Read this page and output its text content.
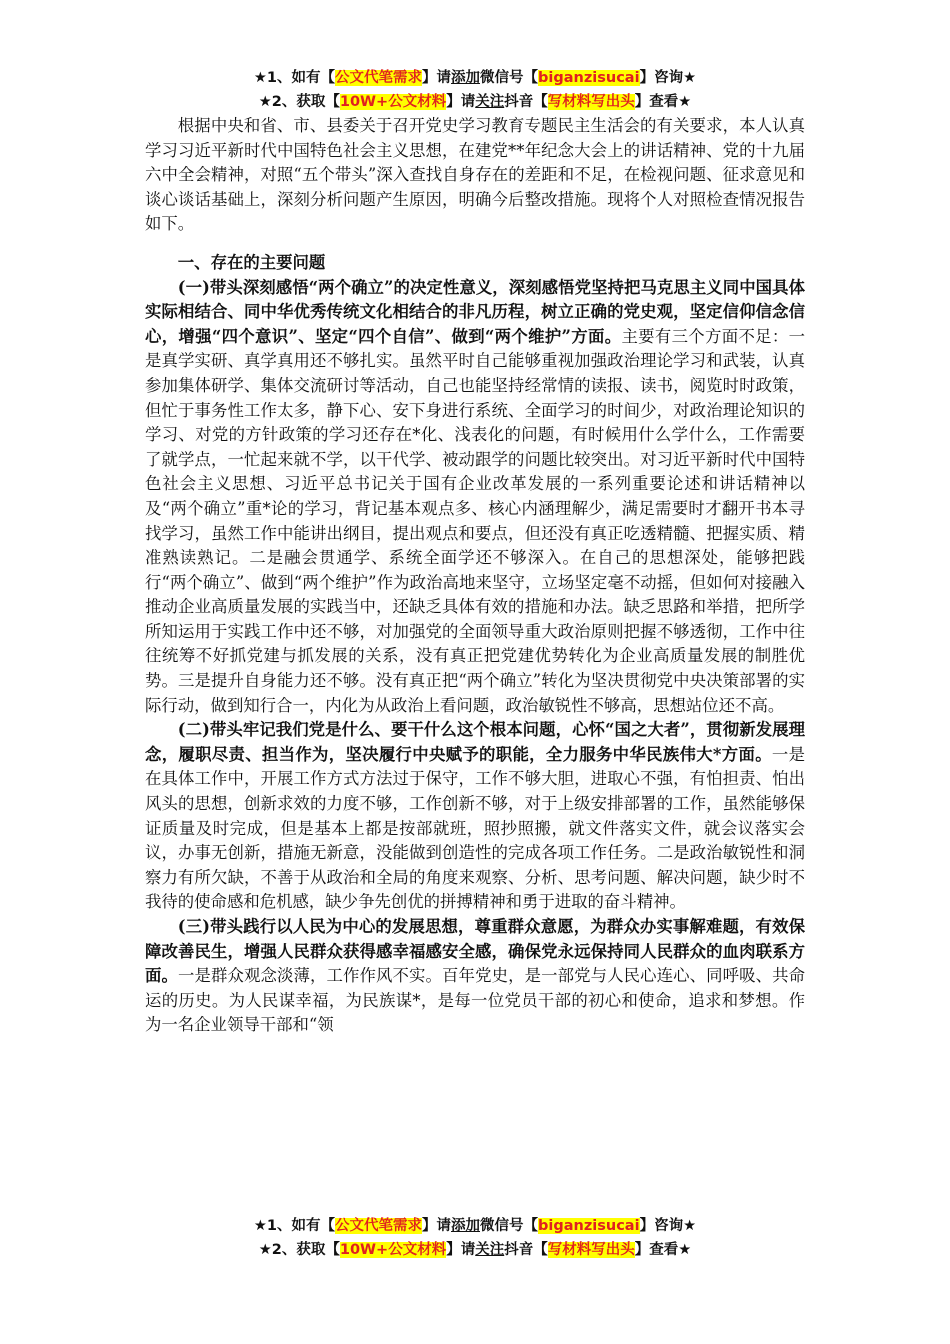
★1、如有【公文代笔需求】请添加微信号【biganzisucai】咨询★
★2、获取【10W+公文材料】请关注抖音【写材料写出头】查看★

根据中央和省、市、县委关于召开党史学习教育专题民主生活会的有关要求，本人认真学习习近平新时代中国特色社会主义思想，在建党**年纪念大会上的讲话精神、党的十九届六中全会精神，对照“五个带头”深入查找自身存在的差距和不足，在检视问题、征求意见和谈心谈话基础上，深刻分析问题产生原因，明确今后整改措施。现将个人对照检查情况报告如下。

一、存在的主要问题

(一)带头深刻感悟“两个确立”的决定性意义，深刻感悟党坚持把马克思主义同中国具体实际相结合、同中华优秀传统文化相结合的非凡历程，树立正确的党史观，坚定信仰信念信心，增强“四个意识”、坚定“四个自信”、做到“两个维护”方面。主要有三个方面不足：一是真学实研、真学真用还不够扎实。虽然平时自己能够重视加强政治理论学习和武装，认真参加集体研学、集体交流研讨等活动，自己也能坚持经常情的读报、读书，阅览时时政策，但忙于事务性工作太多，静下心、安下身进行系统、全面学习的时间少，对政治理论知识的学习、对党的方针政策的学习还存在*化、浅表化的问题，有时候用什么学什么，工作需要了就学点，一忙起来就不学，以干代学、被动跟学的问题比较突出。对习近平新时代中国特色社会主义思想、习近平总书记关于国有企业改革发展的一系列重要论述和讲话精神以及“两个确立”重*论的学习，背记基本观点多、核心内涵理解少，满足需要时才翻开书本寻找学习，虽然工作中能讲出纲目，提出观点和要点，但还没有真正吃透精髓、把握实质、精准熟读熟记。二是融会贯通学、系统全面学还不够深入。在自己的思想深处，能够把践行“两个确立”、做到“两个维护”作为政治高地来坚守，立场坚定毫不动摇，但如何对接融入推动企业高质量发展的实践当中，还缺乏具体有效的措施和办法。缺乏思路和举措，把所学所知运用于实践工作中还不够，对加强党的全面领导重大政治原则把握不够透彻，工作中往往统筹不好抓党建与抓发展的关系，没有真正把党建优势转化为企业高质量发展的制胜优势。三是提升自身能力还不够。没有真正把“两个确立”转化为坚决贯彻党中央决策部署的实际行动，做到知行合一，内化为从政治上看问题，政治敏锐性不够高，思想站位还不高。

(二)带头牢记我们党是什么、要干什么这个根本问题，心怀“国之大者”，贯彻新发展理念，履职尽责、担当作为，坚决履行中央赋予的职能，全力服务中华民族伟大*方面。一是在具体工作中，开展工作方式方法过于保守，工作不够大胆，进取心不强，有怕担责、怕出风头的思想，创新求效的力度不够，工作创新不够，对于上级安排部署的工作，虽然能够保证质量及时完成，但是基本上都是按部就班，照抄照搬，就文件落实文件，就会议落实会议，办事无创新，措施无新意，没能做到创造性的完成各项工作任务。二是政治敏锐性和洞察力有所欠缺，不善于从政治和全局的角度来观察、分析、思考问题、解决问题，缺少时不我待的使命感和危机感，缺少争先创优的拼搏精神和勇于进取的奋斗精神。

(三)带头践行以人民为中心的发展思想，尊重群众意愿，为群众办实事解难题，有效保障改善民生，增强人民群众获得感幸福感安全感，确保党永远保持同人民群众的血肉联系方面。一是群众观念淡薄，工作作风不实。百年党史，是一部党与人民心连心、同呼吸、共命运的历史。为人民谋幸福，为民族谋*，是每一位党员干部的初心和使命，追求和梦想。作为一名企业领导干部和“领

★1、如有【公文代笔需求】请添加微信号【biganzisucai】咨询★
★2、获取【10W+公文材料】请关注抖音【写材料写出头】查看★
